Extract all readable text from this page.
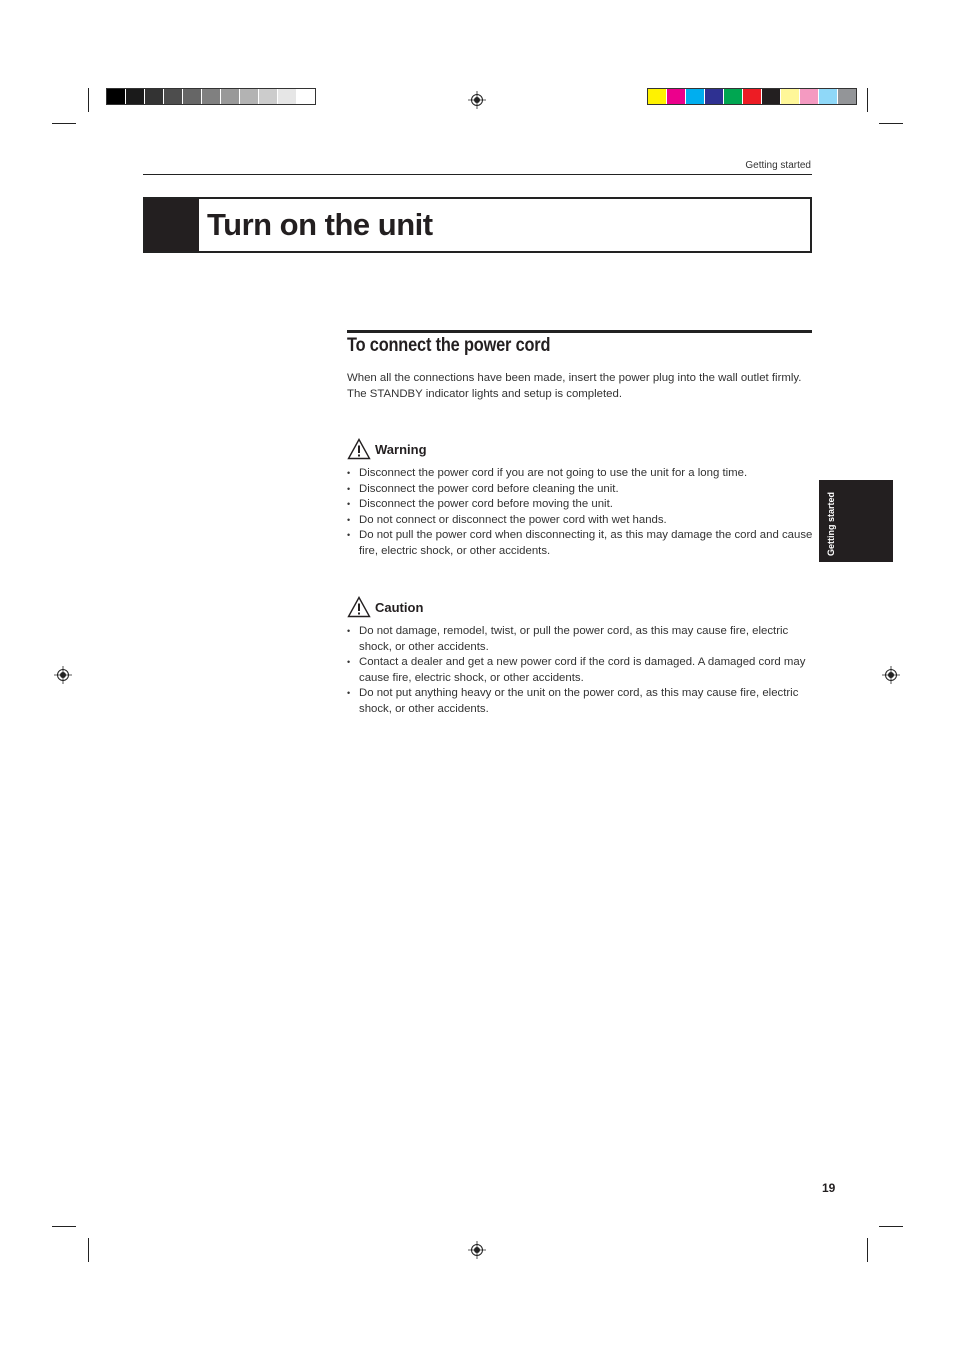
Getting started
Turn on the unit
To connect the power cord
When all the connections have been made, insert the power plug into the wall outlet firmly. The STANDBY indicator lights and setup is completed.
Warning
• Disconnect the power cord if you are not going to use the unit for a long time.
• Disconnect the power cord before cleaning the unit.
• Disconnect the power cord before moving the unit.
• Do not connect or disconnect the power cord with wet hands.
• Do not pull the power cord when disconnecting it, as this may damage the cord and cause fire, electric shock, or other accidents.
Caution
• Do not damage, remodel, twist, or pull the power cord, as this may cause fire, electric shock, or other accidents.
• Contact a dealer and get a new power cord if the cord is damaged. A damaged cord may cause fire, electric shock, or other accidents.
• Do not put anything heavy or the unit on the power cord, as this may cause fire, electric shock, or other accidents.
Getting started
19
